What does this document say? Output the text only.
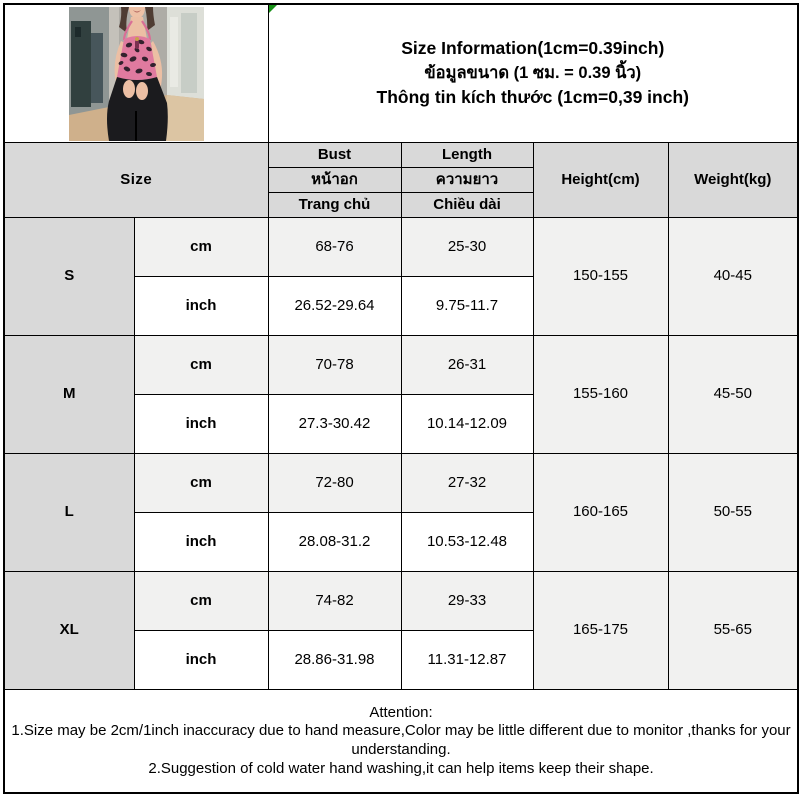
Size Information(1cm=0.39inch)
ข้อมูลขนาด (1 ซม. = 0.39 นิ้ว)
Thông tin kích thước (1cm=0,39 inch)			

Size		Bust	Length	Height(cm)	Weight(kg)
		หน้าอก	ความยาว		
		Trang chủ	Chiều dài		
S	cm	68-76	25-30	150-155	40-45
	inch	26.52-29.64	9.75-11.7		
M	cm	70-78	26-31	155-160	45-50
	inch	27.3-30.42	10.14-12.09		
L	cm	72-80	27-32	160-165	50-55
	inch	28.08-31.2	10.53-12.48		
XL	cm	74-82	29-33	165-175	55-65
	inch	28.86-31.98	11.31-12.87		

Attention:
1.Size may be 2cm/1inch inaccuracy due to hand measure,Color may be little different due to monitor ,thanks for your understanding.
2.Suggestion of cold water hand washing,it can help items keep their shape.					
